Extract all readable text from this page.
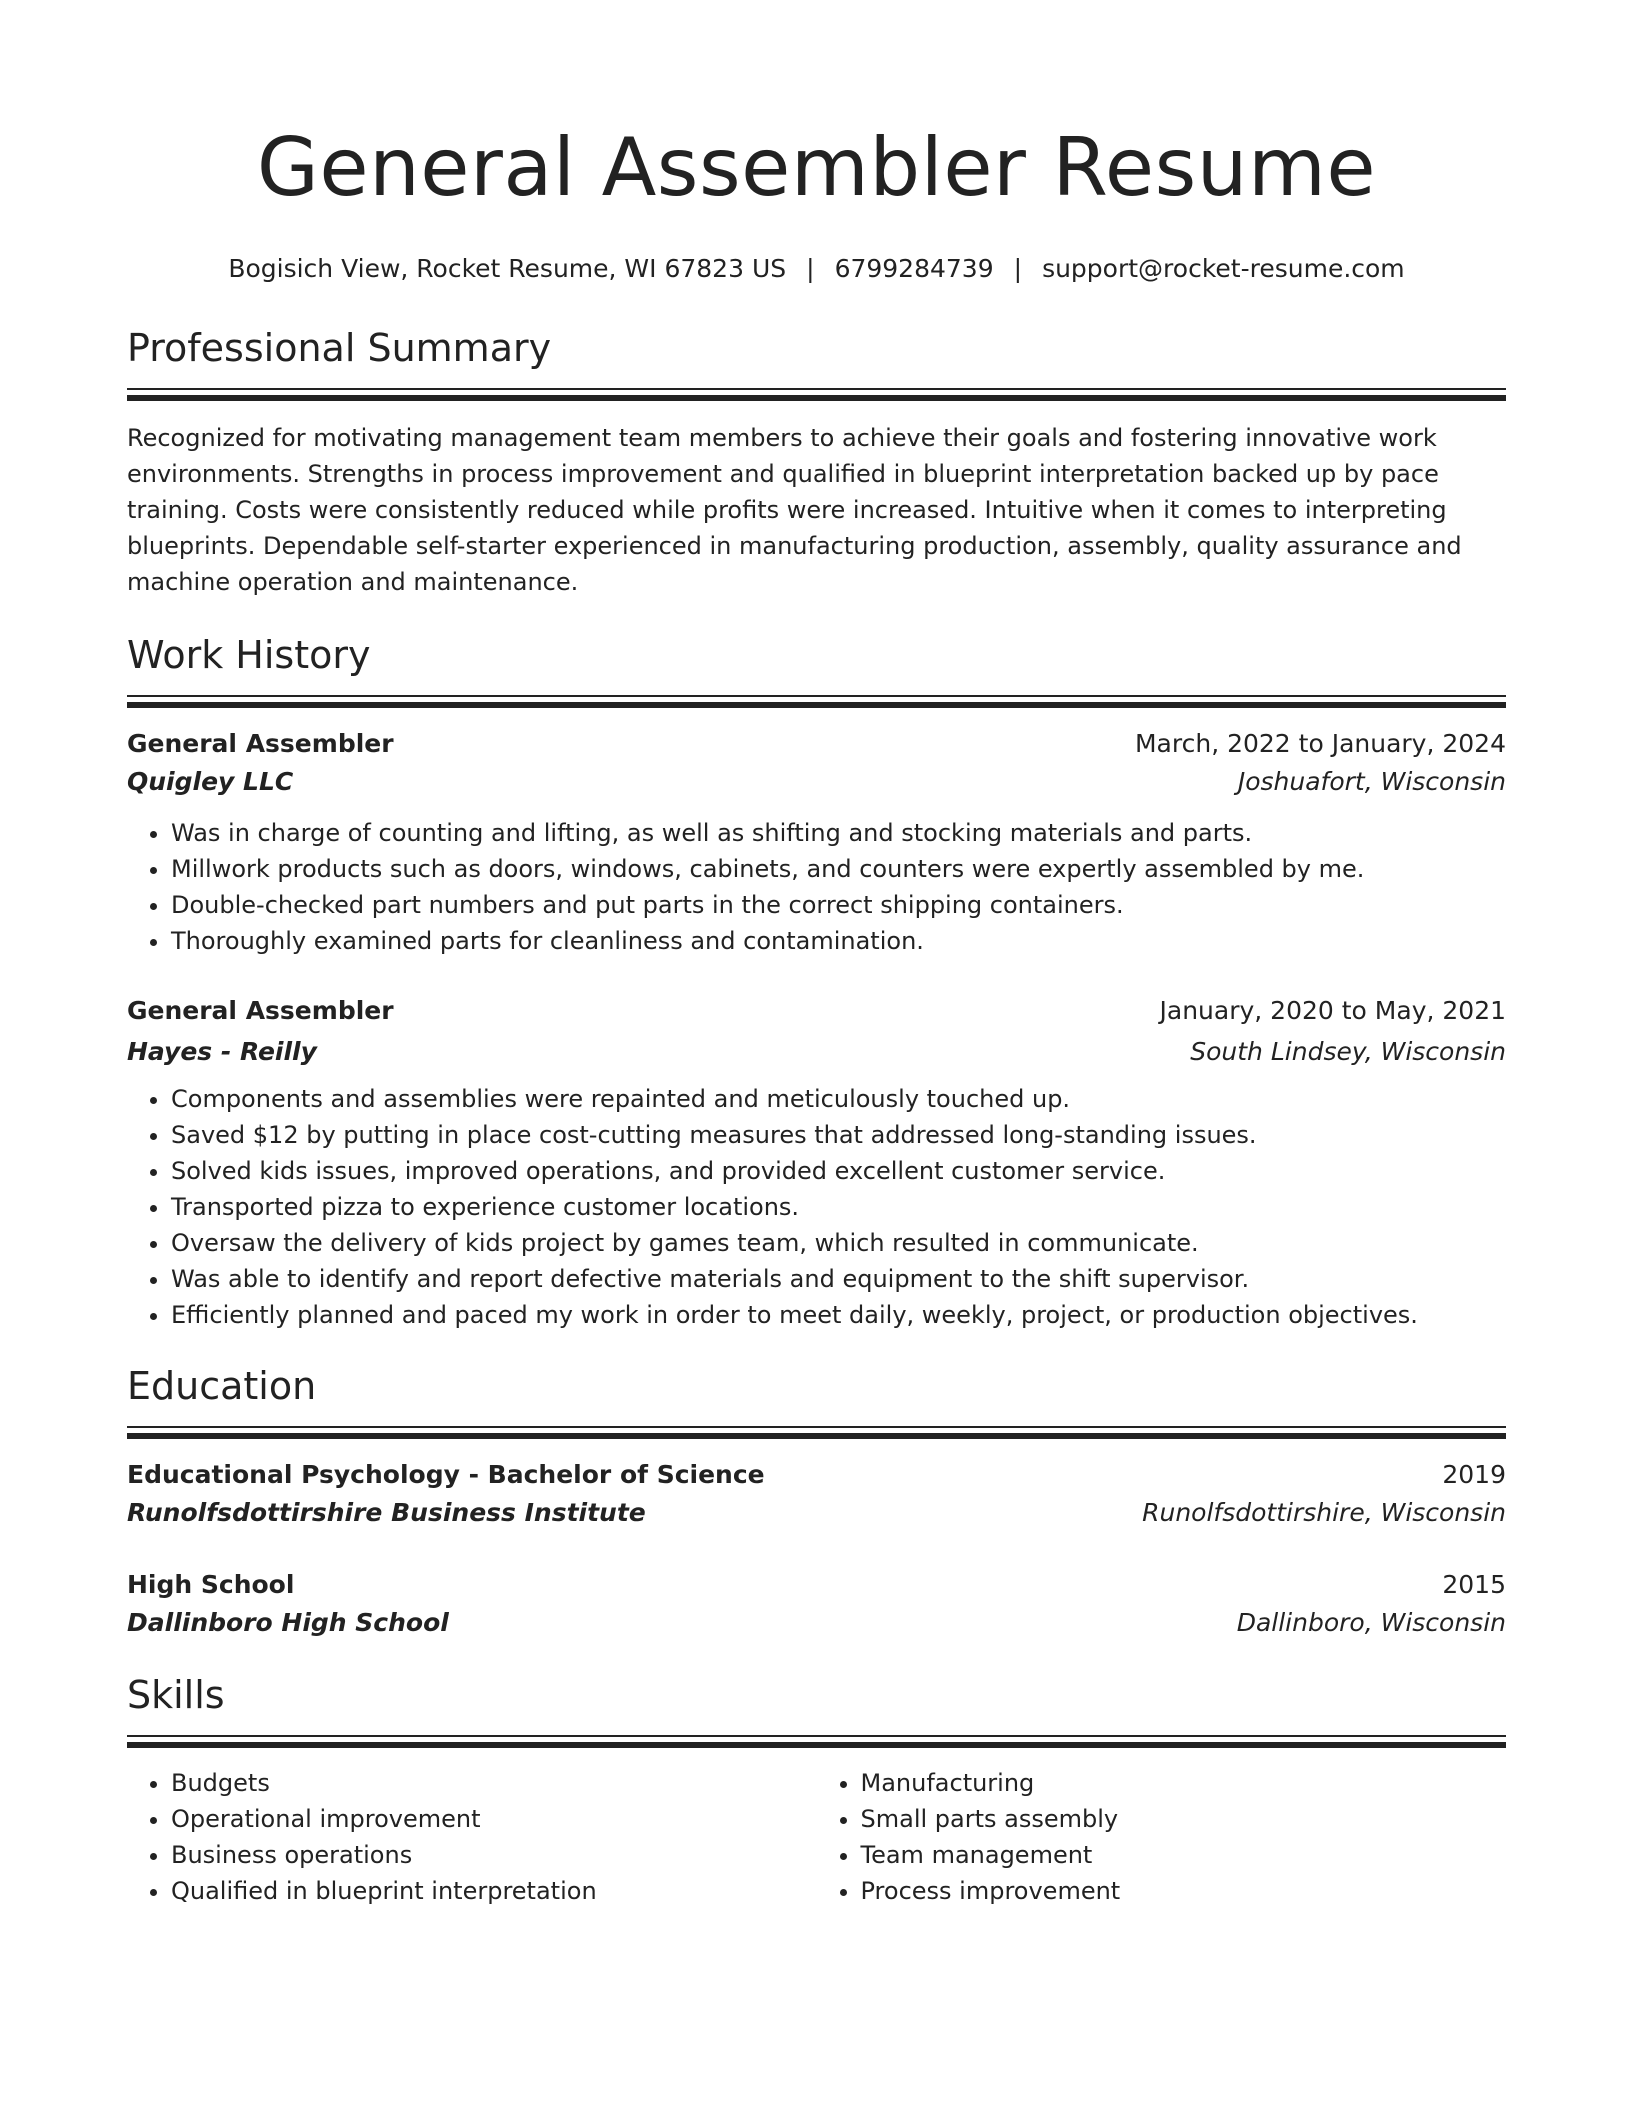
General Assembler Resume
Bogisich View, Rocket Resume, WI 67823 US | 6799284739 | support@rocket-resume.com
Professional Summary

Recognized for motivating management team members to achieve their goals and fostering innovative work environments. Strengths in process improvement and qualified in blueprint interpretation backed up by pace training. Costs were consistently reduced while profits were increased. Intuitive when it comes to interpreting blueprints. Dependable self-starter experienced in manufacturing production, assembly, quality assurance and machine operation and maintenance.

Work History
General Assembler	March, 2022 to January, 2024
Quigley LLC	Joshuafort, Wisconsin
• Was in charge of counting and lifting, as well as shifting and stocking materials and parts.
• Millwork products such as doors, windows, cabinets, and counters were expertly assembled by me.
• Double-checked part numbers and put parts in the correct shipping containers.
• Thoroughly examined parts for cleanliness and contamination.
General Assembler	January, 2020 to May, 2021
Hayes - Reilly	South Lindsey, Wisconsin
• Components and assemblies were repainted and meticulously touched up.
• Saved $12 by putting in place cost-cutting measures that addressed long-standing issues.
• Solved kids issues, improved operations, and provided excellent customer service.
• Transported pizza to experience customer locations.
• Oversaw the delivery of kids project by games team, which resulted in communicate.
• Was able to identify and report defective materials and equipment to the shift supervisor.
• Efficiently planned and paced my work in order to meet daily, weekly, project, or production objectives.
Education
Educational Psychology - Bachelor of Science	2019
Runolfsdottirshire Business Institute	Runolfsdottirshire, Wisconsin
High School	2015
Dallinboro High School	Dallinboro, Wisconsin
Skills
• Budgets
• Operational improvement
• Business operations
• Qualified in blueprint interpretation
• Manufacturing
• Small parts assembly
• Team management
• Process improvement
